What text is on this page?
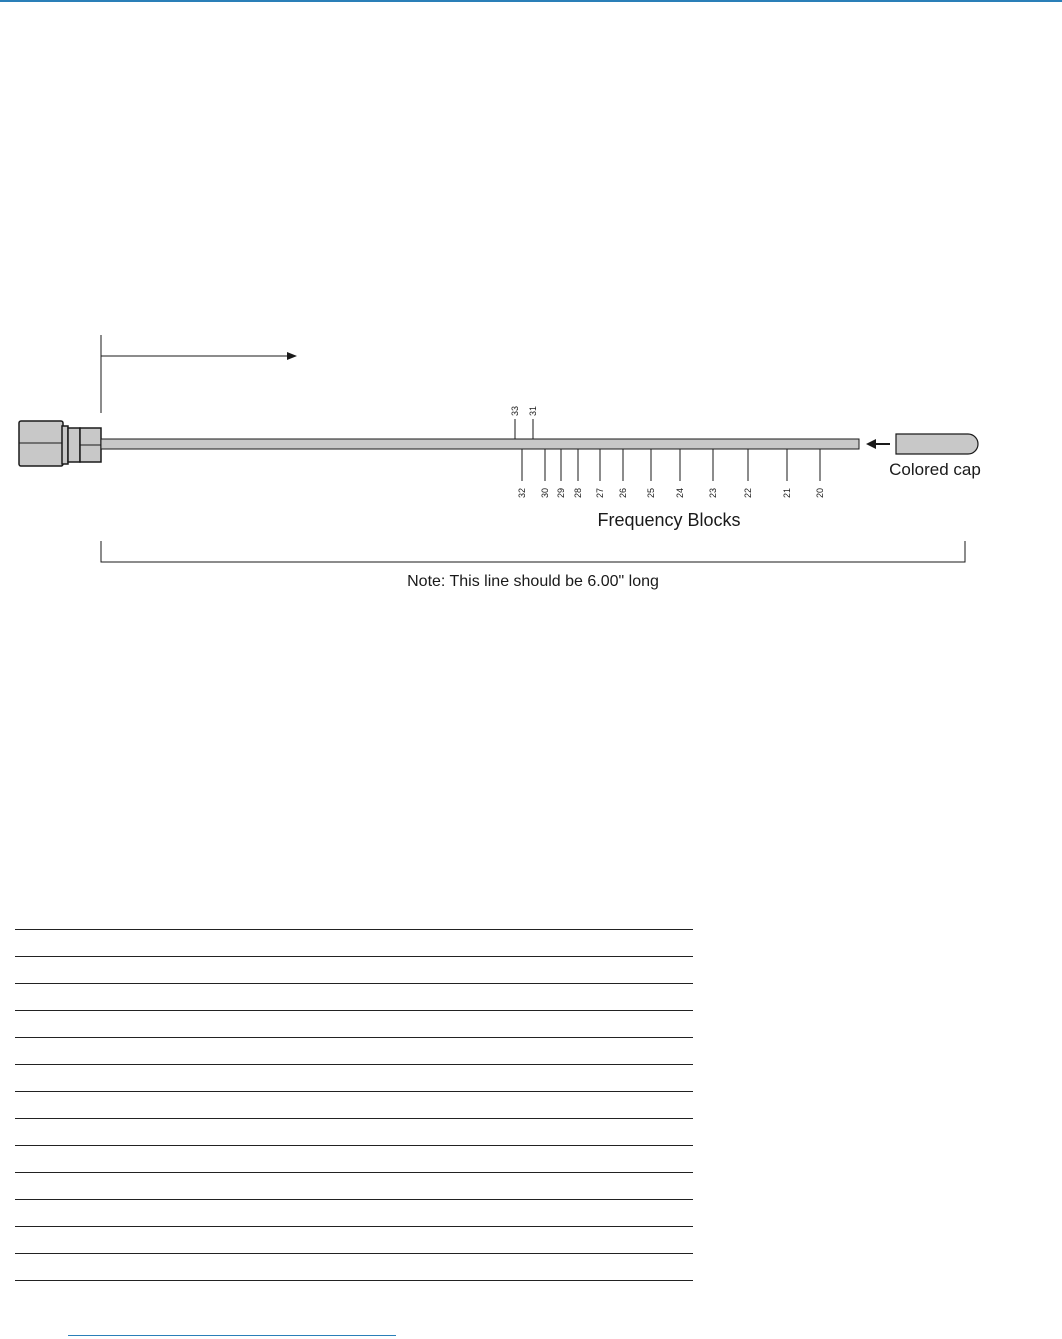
33 31
32 30 29 28 27 26 25 24	23	22	21	20
Colored cap
Frequency Blocks
Note: This line should be 6.00" long
